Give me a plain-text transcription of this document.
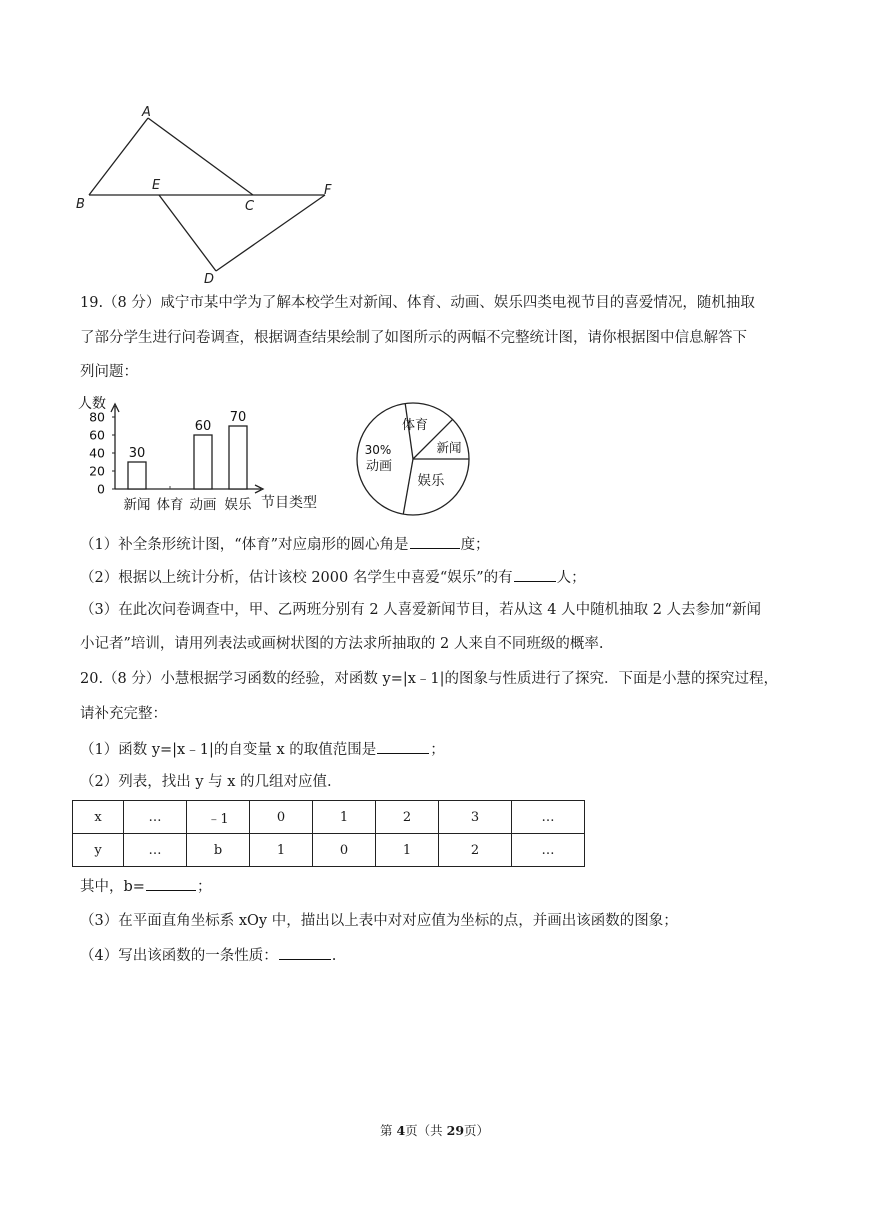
A
B	C
D
E	F
19.（8 分）咸宁市某中学为了解本校学生对新闻、体育、动画、娱乐四类电视节目的喜爱情况，随机抽取
了部分学生进行问卷调查，根据调查结果绘制了如图所示的两幅不完整统计图，请你根据图中信息解答下
列问题：
人数
节目类型
80
60
40
20
0
新闻
30
体育 动画
60
娱乐
70
体育
新闻
娱乐
30%
动画
（1）补全条形统计图，“体育”对应扇形的圆心角是	度；
（2）根据以上统计分析，估计该校 2000 名学生中喜爱“娱乐”的有	人；
（3）在此次问卷调查中，甲、乙两班分别有 2 人喜爱新闻节目，若从这 4 人中随机抽取 2 人去参加“新闻
小记者”培训，请用列表法或画树状图的方法求所抽取的 2 人来自不同班级的概率.
20.（8 分）小慧根据学习函数的经验，对函数 y=|x﹣1|的图象与性质进行了探究．下面是小慧的探究过程，
请补充完整：
（1）函数 y=|x﹣1|的自变量 x 的取值范围是	；
（2）列表，找出 y 与 x 的几组对应值.
x	…	﹣1	0	1	2	3	…
y	…	b	1	0	1	2	…
其中，b=	；
（3）在平面直角坐标系 xOy 中，描出以上表中对对应值为坐标的点，并画出该函数的图象；
（4）写出该函数的一条性质：	.
第 4页（共 29页）
